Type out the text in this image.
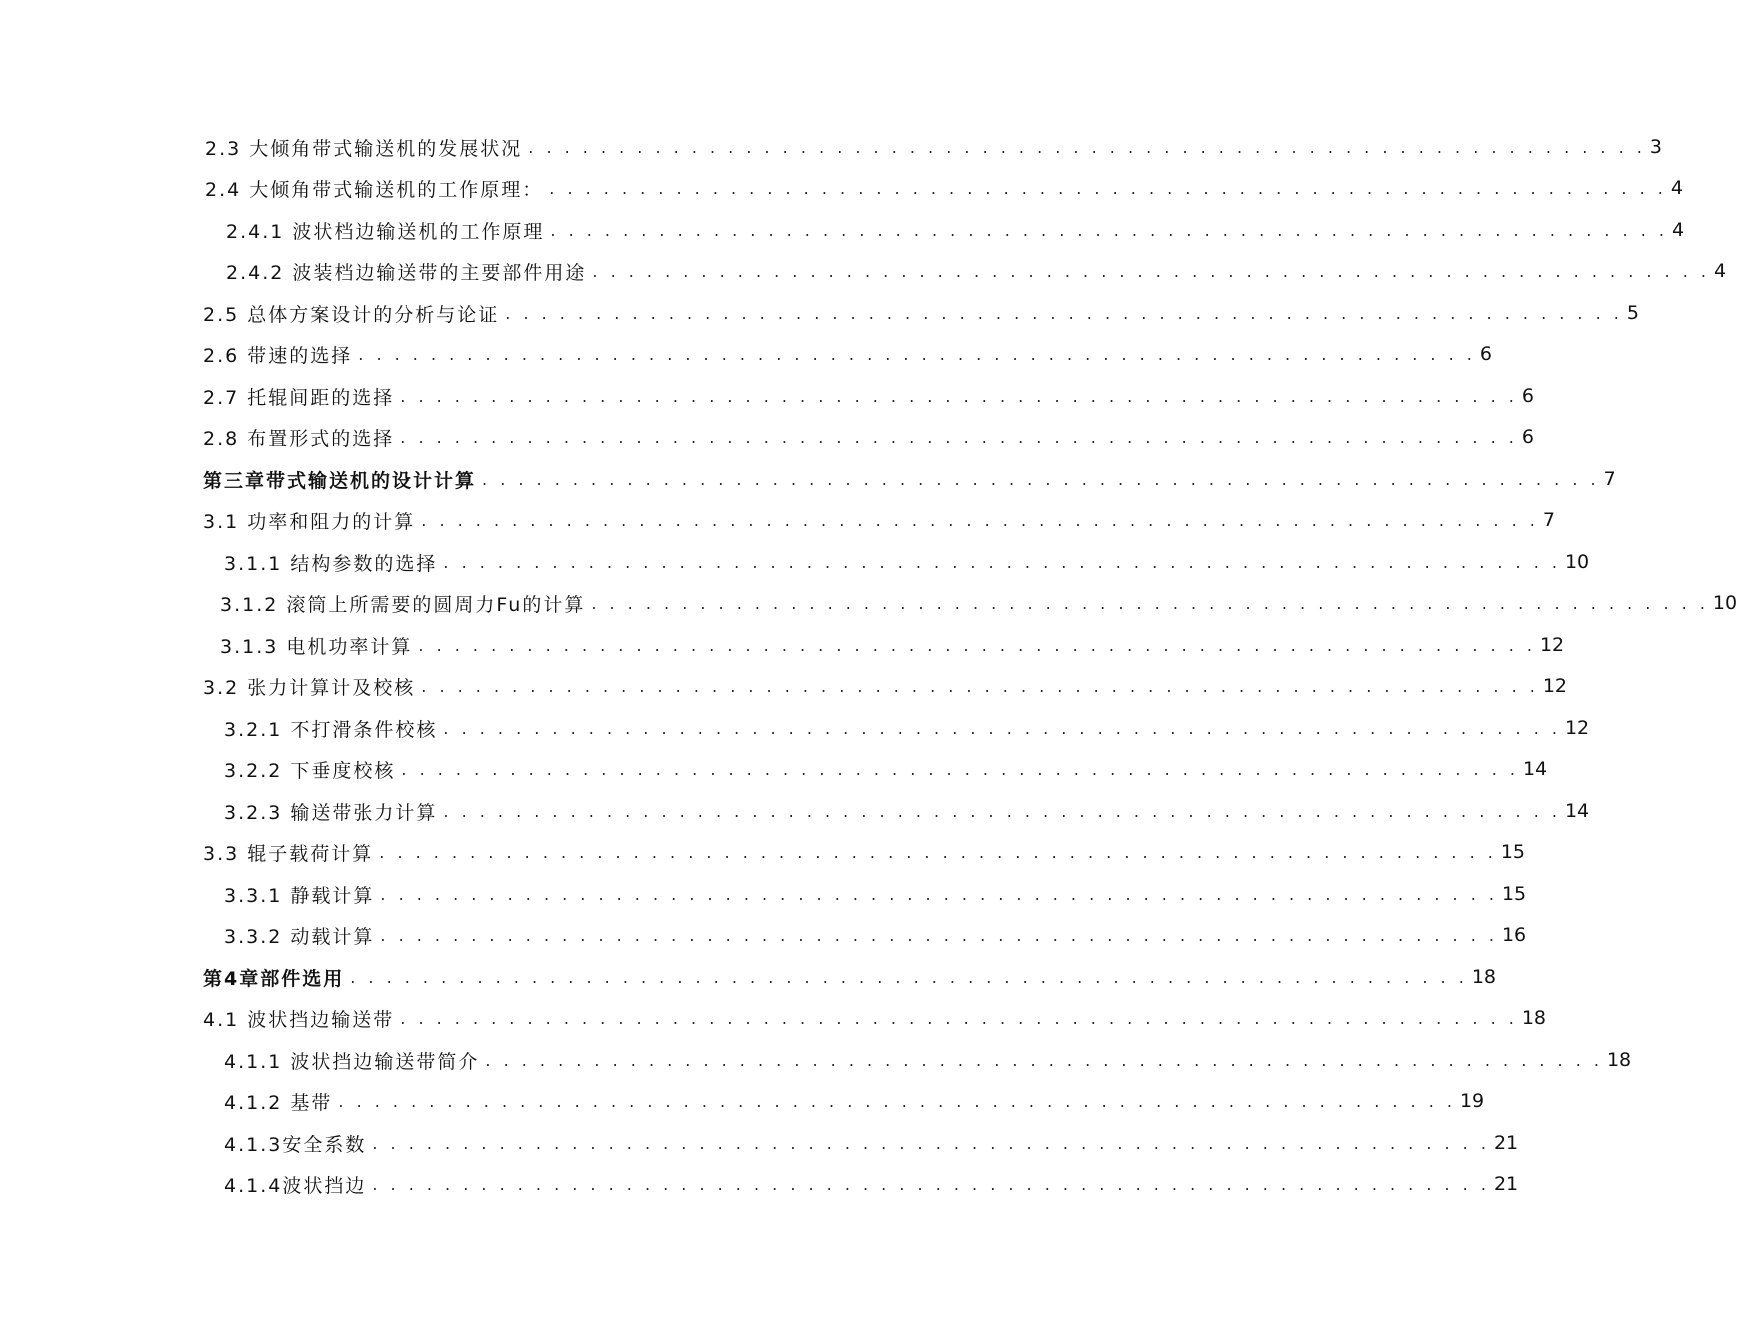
2.3 大倾角带式输送机的发展状况 . . . . . . . . . . . . . . . . . . . . . . . . . . . . . . . . . . . . . . . . . . . . . . . . . . . . . . . . . . . . . . 3
2.4 大倾角带式输送机的工作原理： . . . . . . . . . . . . . . . . . . . . . . . . . . . . . . . . . . . . . . . . . . . . . . . . . . . . . . . . . . . . . . 4
2.4.1 波状档边输送机的工作原理 . . . . . . . . . . . . . . . . . . . . . . . . . . . . . . . . . . . . . . . . . . . . . . . . . . . . . . . . . . . . . . 4
2.4.2 波装档边输送带的主要部件用途 . . . . . . . . . . . . . . . . . . . . . . . . . . . . . . . . . . . . . . . . . . . . . . . . . . . . . . . . . . . . . . 4
2.5 总体方案设计的分析与论证 . . . . . . . . . . . . . . . . . . . . . . . . . . . . . . . . . . . . . . . . . . . . . . . . . . . . . . . . . . . . . . 5
2.6 带速的选择 . . . . . . . . . . . . . . . . . . . . . . . . . . . . . . . . . . . . . . . . . . . . . . . . . . . . . . . . . . . . . . 6
2.7 托辊间距的选择 . . . . . . . . . . . . . . . . . . . . . . . . . . . . . . . . . . . . . . . . . . . . . . . . . . . . . . . . . . . . . . 6
2.8 布置形式的选择 . . . . . . . . . . . . . . . . . . . . . . . . . . . . . . . . . . . . . . . . . . . . . . . . . . . . . . . . . . . . . . 6
第三章带式输送机的设计计算 . . . . . . . . . . . . . . . . . . . . . . . . . . . . . . . . . . . . . . . . . . . . . . . . . . . . . . . . . . . . . . 7
3.1 功率和阻力的计算 . . . . . . . . . . . . . . . . . . . . . . . . . . . . . . . . . . . . . . . . . . . . . . . . . . . . . . . . . . . . . . 7
3.1.1 结构参数的选择 . . . . . . . . . . . . . . . . . . . . . . . . . . . . . . . . . . . . . . . . . . . . . . . . . . . . . . . . . . . . . . 10
3.1.2 滚筒上所需要的圆周力Fu的计算 . . . . . . . . . . . . . . . . . . . . . . . . . . . . . . . . . . . . . . . . . . . . . . . . . . . . . . . . . . . . . . 10
3.1.3 电机功率计算 . . . . . . . . . . . . . . . . . . . . . . . . . . . . . . . . . . . . . . . . . . . . . . . . . . . . . . . . . . . . . . 12
3.2 张力计算计及校核 . . . . . . . . . . . . . . . . . . . . . . . . . . . . . . . . . . . . . . . . . . . . . . . . . . . . . . . . . . . . . . 12
3.2.1 不打滑条件校核 . . . . . . . . . . . . . . . . . . . . . . . . . . . . . . . . . . . . . . . . . . . . . . . . . . . . . . . . . . . . . . 12
3.2.2 下垂度校核 . . . . . . . . . . . . . . . . . . . . . . . . . . . . . . . . . . . . . . . . . . . . . . . . . . . . . . . . . . . . . . 14
3.2.3 输送带张力计算 . . . . . . . . . . . . . . . . . . . . . . . . . . . . . . . . . . . . . . . . . . . . . . . . . . . . . . . . . . . . . . 14
3.3 辊子载荷计算 . . . . . . . . . . . . . . . . . . . . . . . . . . . . . . . . . . . . . . . . . . . . . . . . . . . . . . . . . . . . . . 15
3.3.1 静载计算 . . . . . . . . . . . . . . . . . . . . . . . . . . . . . . . . . . . . . . . . . . . . . . . . . . . . . . . . . . . . . . 15
3.3.2 动载计算 . . . . . . . . . . . . . . . . . . . . . . . . . . . . . . . . . . . . . . . . . . . . . . . . . . . . . . . . . . . . . . 16
第4章部件选用 . . . . . . . . . . . . . . . . . . . . . . . . . . . . . . . . . . . . . . . . . . . . . . . . . . . . . . . . . . . . . . 18
4.1 波状挡边输送带 . . . . . . . . . . . . . . . . . . . . . . . . . . . . . . . . . . . . . . . . . . . . . . . . . . . . . . . . . . . . . . 18
4.1.1 波状挡边输送带简介 . . . . . . . . . . . . . . . . . . . . . . . . . . . . . . . . . . . . . . . . . . . . . . . . . . . . . . . . . . . . . . 18
4.1.2 基带 . . . . . . . . . . . . . . . . . . . . . . . . . . . . . . . . . . . . . . . . . . . . . . . . . . . . . . . . . . . . . . 19
4.1.3安全系数 . . . . . . . . . . . . . . . . . . . . . . . . . . . . . . . . . . . . . . . . . . . . . . . . . . . . . . . . . . . . . . 21
4.1.4波状挡边 . . . . . . . . . . . . . . . . . . . . . . . . . . . . . . . . . . . . . . . . . . . . . . . . . . . . . . . . . . . . . . 21
